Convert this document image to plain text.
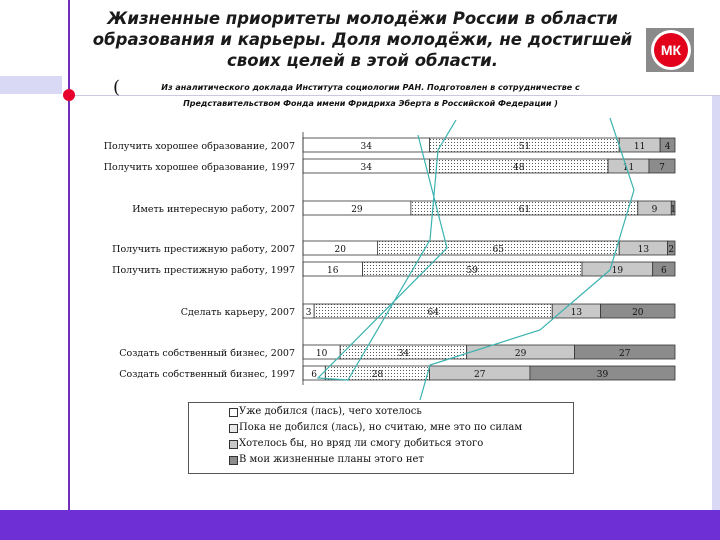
Жизненные приоритеты молодёжи России в области образования и карьеры. Доля молодёжи, не достигшей своих целей в этой области.
(	Из аналитического доклада Института социологии РАН. Подготовлен в сотрудничестве с Представительством Фонда имени Фридриха Эберта в Российской Федерации )
МК
Получить хорошее образование, 2007	34	51	11 4
Получить хорошее образование, 1997	34	48	11	7
Иметь интересную работу, 2007	29	61	9 1
Получить престижную работу, 2007	20	65	13 2
Получить престижную работу, 1997	16	59	19	6
Сделать карьеру, 2007 3	64	13	20
Создать собственный бизнес, 2007 10	34	29	27
Создать собственный бизнес, 1997 6	28	27	39
Уже добился (лась), чего хотелось
Пока не добился (лась), но считаю, мне это по силам
Хотелось бы, но вряд ли смогу добиться этого
В мои жизненные планы этого нет
